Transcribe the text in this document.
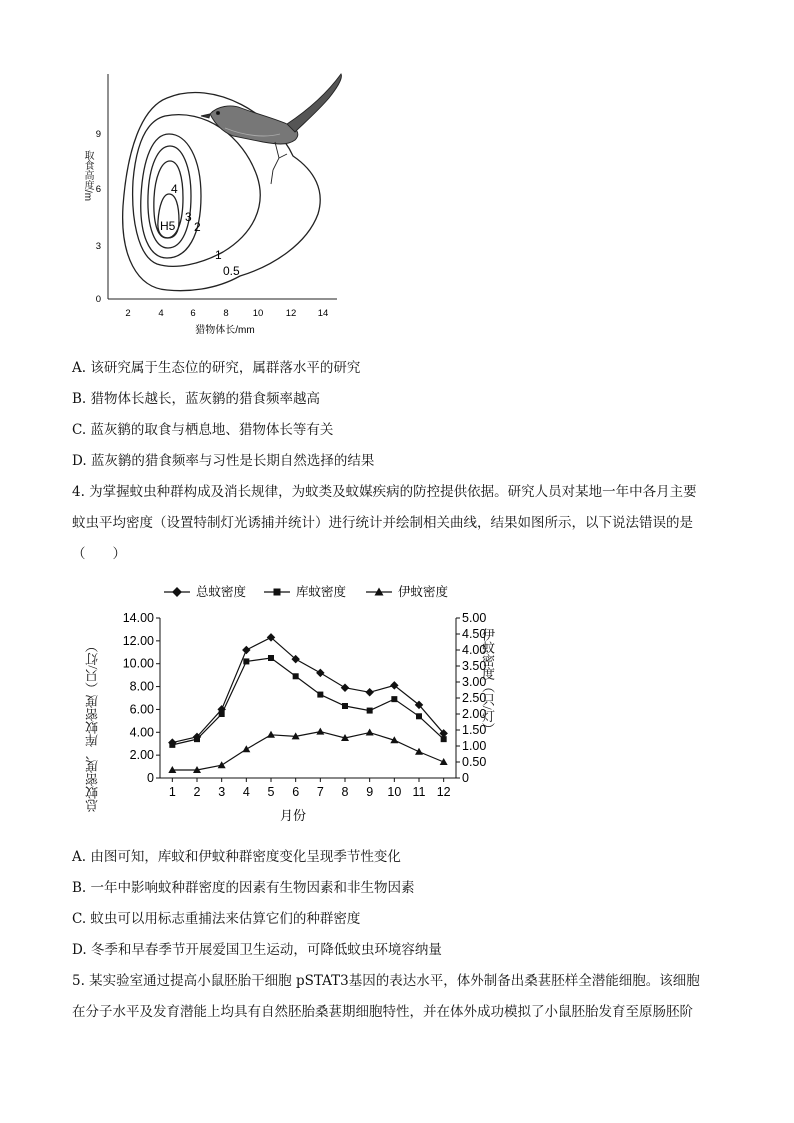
0
3
6
9
2	4	6	8	10 12 14
猎物体长/mm
H5
4
3
2
1
0.5
取食高度/m
A. 该研究属于生态位的研究，属群落水平的研究
B. 猎物体长越长，蓝灰鹟的猎食频率越高
C. 蓝灰鹟的取食与栖息地、猎物体长等有关
D. 蓝灰鹟的猎食频率与习性是长期自然选择的结果
4. 为掌握蚊虫种群构成及消长规律，为蚊类及蚊媒疾病的防控提供依据。研究人员对某地一年中各月主要
蚊虫平均密度（设置特制灯光诱捕并统计）进行统计并绘制相关曲线，结果如图所示，以下说法错误的是
（　　）
总蚊密度	库蚊密度	伊蚊密度
0
2.00
4.00
6.00
8.00
10.00
12.00
14.00
0
0.50
1.00
1.50
2.00
2.50
3.00
3.50
4.00
4.50
5.00
1 2 3 4 5 6 7 8 9 10 11 12
月份
总蚊密度、库蚊密度（只/灯）	伊蚊密度（只/灯）
A. 由图可知，库蚊和伊蚊种群密度变化呈现季节性变化
B. 一年中影响蚊种群密度的因素有生物因素和非生物因素
C. 蚊虫可以用标志重捕法来估算它们的种群密度
D. 冬季和早春季节开展爱国卫生运动，可降低蚊虫环境容纳量
5. 某实验室通过提高小鼠胚胎干细胞 pSTAT3基因的表达水平，体外制备出桑葚胚样全潜能细胞。该细胞
在分子水平及发育潜能上均具有自然胚胎桑葚期细胞特性，并在体外成功模拟了小鼠胚胎发育至原肠胚阶
